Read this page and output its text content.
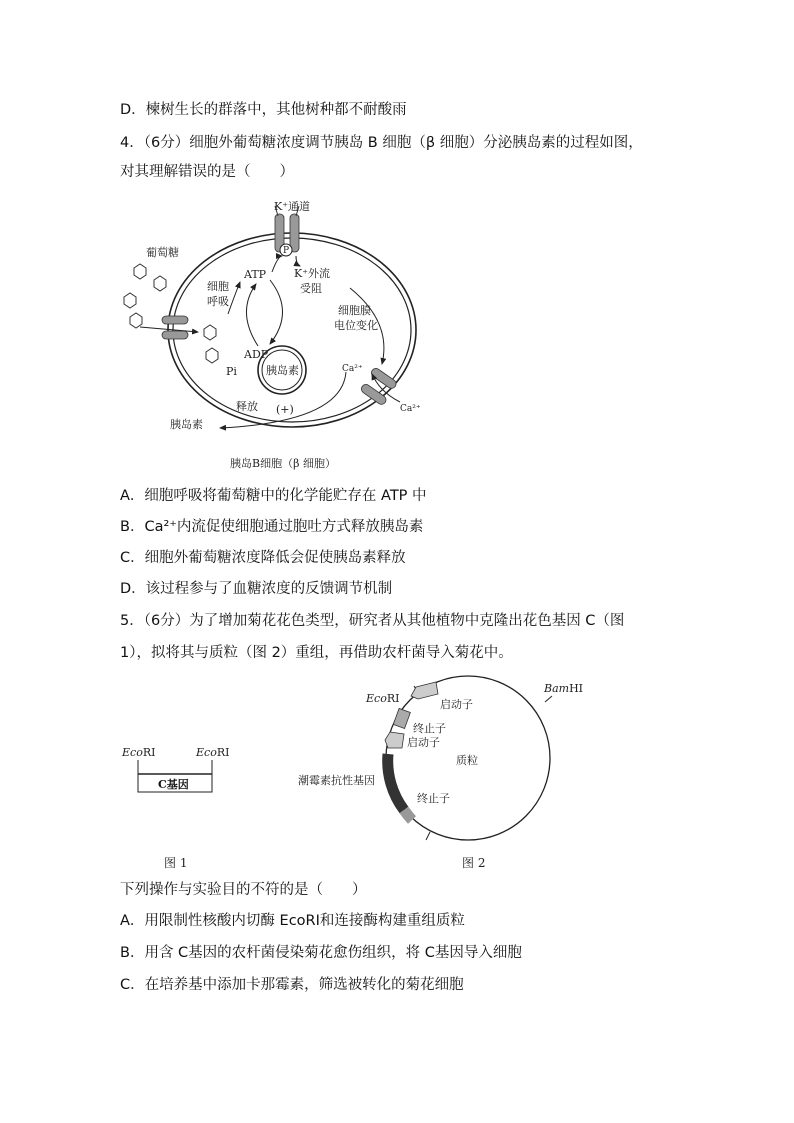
D．楝树生长的群落中，其他树种都不耐酸雨
4．（6分）细胞外葡萄糖浓度调节胰岛 B 细胞（β 细胞）分泌胰岛素的过程如图，
对其理解错误的是（　　）
K⁺通道
P
葡萄糖
细胞
呼吸
ATP
ADP
Pi
K⁺外流
受阻
细胞膜
电位变化
Ca²⁺
Ca²⁺
胰岛素
释放 (+)
胰岛素
胰岛B细胞（β 细胞）
A．细胞呼吸将葡萄糖中的化学能贮存在 ATP 中
B．Ca²⁺内流促使细胞通过胞吐方式释放胰岛素
C．细胞外葡萄糖浓度降低会促使胰岛素释放
D．该过程参与了血糖浓度的反馈调节机制
5．（6分）为了增加菊花花色类型，研究者从其他植物中克隆出花色基因 C（图
1），拟将其与质粒（图 2）重组，再借助农杆菌导入菊花中。
EcoRⅠ	EcoRⅠ
C基因
图 1
EcoRⅠ
BamHⅠ
启动子
终止子
启动子
质粒
潮霉素抗性基因
终止子
图 2
下列操作与实验目的不符的是（　　）
A．用限制性核酸内切酶 EcoRⅠ和连接酶构建重组质粒
B．用含 C基因的农杆菌侵染菊花愈伤组织，将 C基因导入细胞
C．在培养基中添加卡那霉素，筛选被转化的菊花细胞
